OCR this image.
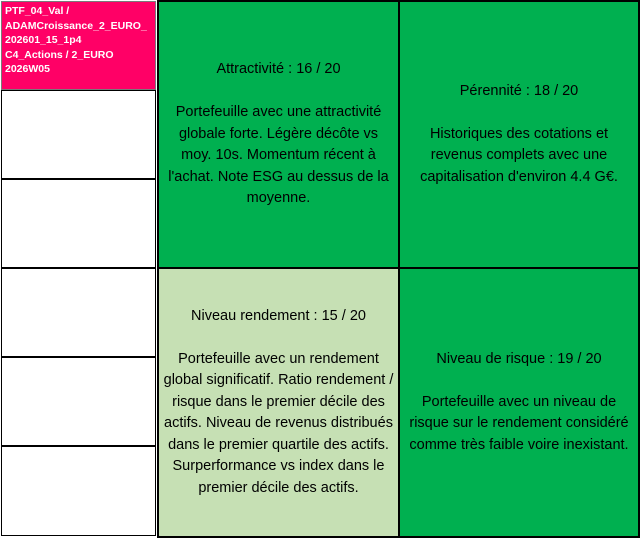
PTF_04_Val /
ADAMCroissance_2_EURO_
202601_15_1p4
C4_Actions / 2_EURO
2026W05	Attractivité : 16 / 20
Portefeuille avec une attractivité globale forte. Légère décôte vs moy. 10s. Momentum récent à l'achat. Note ESG au dessus de la moyenne.
Pérennité : 18 / 20
Historiques des cotations et revenus complets avec une capitalisation d'environ 4.4 G€.
Niveau rendement : 15 / 20
Portefeuille avec un rendement global significatif. Ratio rendement / risque dans le premier décile des actifs. Niveau de revenus distribués dans le premier quartile des actifs. Surperformance vs index dans le premier décile des actifs.
Niveau de risque : 19 / 20
Portefeuille avec un niveau de risque sur le rendement considéré comme très faible voire inexistant.
